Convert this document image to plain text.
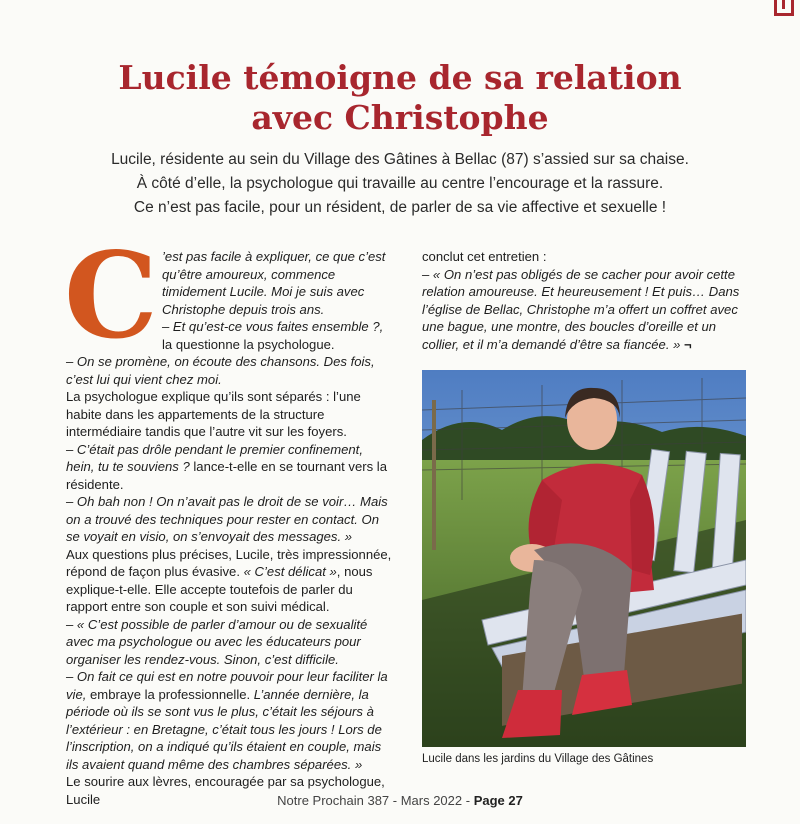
Lucile témoigne de sa relation
avec Christophe

Lucile, résidente au sein du Village des Gâtines à Bellac (87) s’assied sur sa chaise.
À côté d’elle, la psychologue qui travaille au centre l’encourage et la rassure.
Ce n’est pas facile, pour un résident, de parler de sa vie affective et sexuelle !

C ’est pas facile à expliquer, ce que c’est qu’être amoureux, commence timidement Lucile. Moi je suis avec Christophe depuis trois ans.

– Et qu’est-ce vous faites ensemble ?, la questionne la psychologue.

– On se promène, on écoute des chansons. Des fois, c’est lui qui vient chez moi.

La psychologue explique qu’ils sont séparés : l’une habite dans les appartements de la structure intermédiaire tandis que l’autre vit sur les foyers.

– C’était pas drôle pendant le premier confinement, hein, tu te souviens ? lance-t-elle en se tournant vers la résidente.

– Oh bah non ! On n’avait pas le droit de se voir… Mais on a trouvé des techniques pour rester en contact. On se voyait en visio, on s’envoyait des messages. »

Aux questions plus précises, Lucile, très impressionnée, répond de façon plus évasive. « C’est délicat », nous explique-t-elle. Elle accepte toutefois de parler du rapport entre son couple et son suivi médical.

– « C’est possible de parler d’amour ou de sexualité avec ma psychologue ou avec les éducateurs pour organiser les rendez-vous. Sinon, c’est difficile.

– On fait ce qui est en notre pouvoir pour leur faciliter la vie, embraye la professionnelle. L’année dernière, la période où ils se sont vus le plus, c’était les séjours à l’extérieur : en Bretagne, c’était tous les jours ! Lors de l’inscription, on a indiqué qu’ils étaient en couple, mais ils avaient quand même des chambres séparées. »

Le sourire aux lèvres, encouragée par sa psychologue, Lucile

conclut cet entretien :

– « On n’est pas obligés de se cacher pour avoir cette relation amoureuse. Et heureusement ! Et puis… Dans l’église de Bellac, Christophe m’a offert un coffret avec une bague, une montre, des boucles d’oreille et un collier, et il m’a demandé d’être sa fiancée. » ¬

Lucile dans les jardins du Village des Gâtines
Notre Prochain 387 - Mars 2022 - Page 27
